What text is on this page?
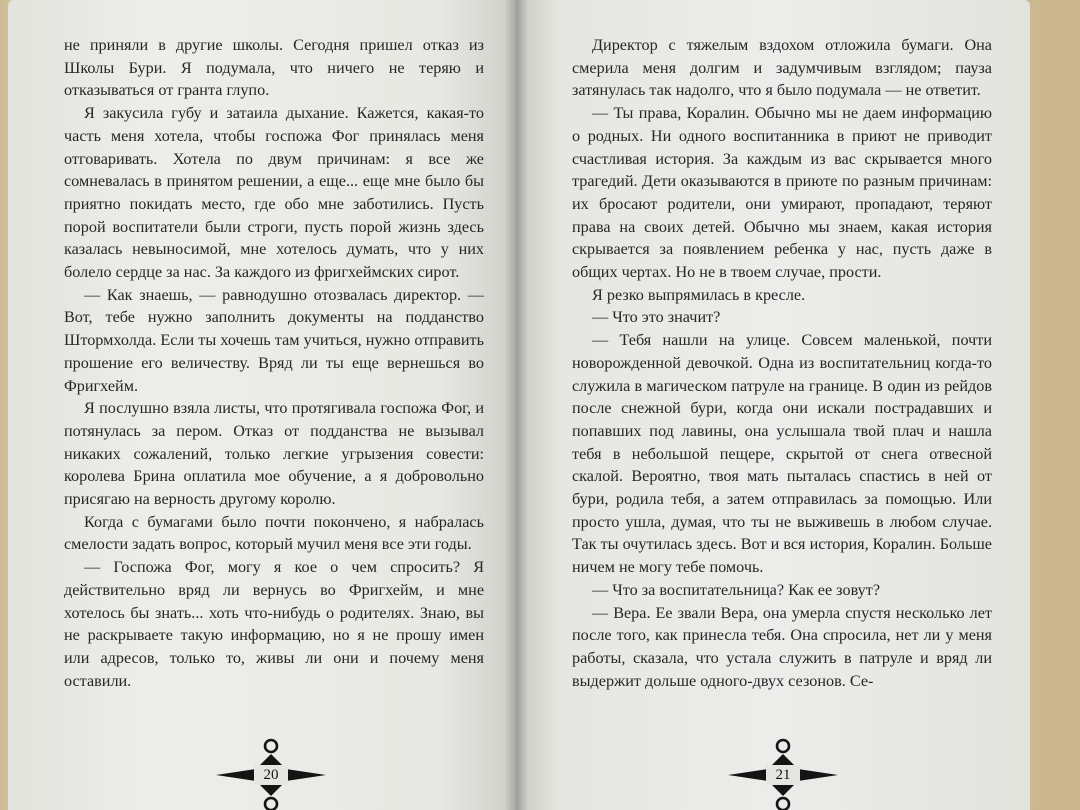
не приняли в другие школы. Сегодня пришел отказ из Школы Бури. Я подумала, что ничего не теряю и отказываться от гранта глупо.

Я закусила губу и затаила дыхание. Кажется, какая-то часть меня хотела, чтобы госпожа Фог принялась меня отговаривать. Хотела по двум причинам: я все же сомневалась в принятом решении, а еще... еще мне было бы приятно покидать место, где обо мне заботились. Пусть порой воспитатели были строги, пусть порой жизнь здесь казалась невыносимой, мне хотелось думать, что у них болело сердце за нас. За каждого из фригхеймских сирот.

— Как знаешь, — равнодушно отозвалась директор. — Вот, тебе нужно заполнить документы на подданство Штормхолда. Если ты хочешь там учиться, нужно отправить прошение его величеству. Вряд ли ты еще вернешься во Фригхейм.

Я послушно взяла листы, что протягивала госпожа Фог, и потянулась за пером. Отказ от подданства не вызывал никаких сожалений, только легкие угрызения совести: королева Брина оплатила мое обучение, а я добровольно присягаю на верность другому королю.

Когда с бумагами было почти покончено, я набралась смелости задать вопрос, который мучил меня все эти годы.

— Госпожа Фог, могу я кое о чем спросить? Я действительно вряд ли вернусь во Фригхейм, и мне хотелось бы знать... хоть что-нибудь о родителях. Знаю, вы не раскрываете такую информацию, но я не прошу имен или адресов, только то, живы ли они и почему меня оставили.

20

Директор с тяжелым вздохом отложила бумаги. Она смерила меня долгим и задумчивым взглядом; пауза затянулась так надолго, что я было подумала — не ответит.

— Ты права, Коралин. Обычно мы не даем информацию о родных. Ни одного воспитанника в приют не приводит счастливая история. За каждым из вас скрывается много трагедий. Дети оказываются в приюте по разным причинам: их бросают родители, они умирают, пропадают, теряют права на своих детей. Обычно мы знаем, какая история скрывается за появлением ребенка у нас, пусть даже в общих чертах. Но не в твоем случае, прости.

Я резко выпрямилась в кресле.

— Что это значит?

— Тебя нашли на улице. Совсем маленькой, почти новорожденной девочкой. Одна из воспитательниц когда-то служила в магическом патруле на границе. В один из рейдов после снежной бури, когда они искали пострадавших и попавших под лавины, она услышала твой плач и нашла тебя в небольшой пещере, скрытой от снега отвесной скалой. Вероятно, твоя мать пыталась спастись в ней от бури, родила тебя, а затем отправилась за помощью. Или просто ушла, думая, что ты не выживешь в любом случае. Так ты очутилась здесь. Вот и вся история, Коралин. Больше ничем не могу тебе помочь.

— Что за воспитательница? Как ее зовут?

— Вера. Ее звали Вера, она умерла спустя несколько лет после того, как принесла тебя. Она спросила, нет ли у меня работы, сказала, что устала служить в патруле и вряд ли выдержит дольше одного-двух сезонов. Се-

21
